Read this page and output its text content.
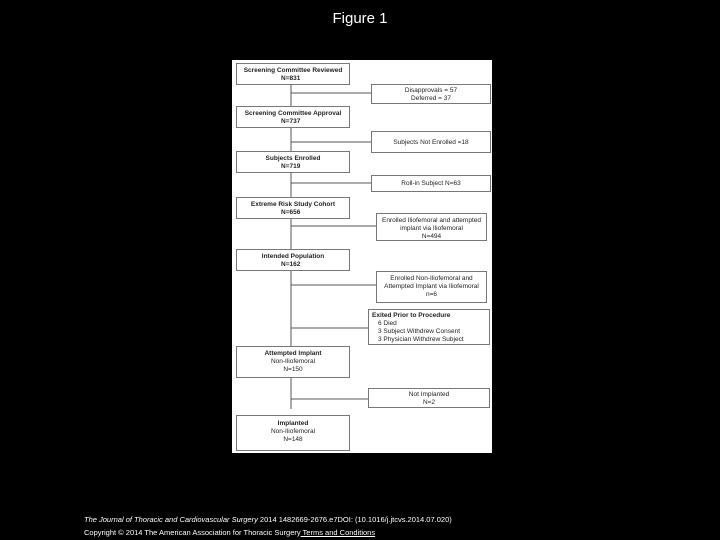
Figure 1
Screening Committee Reviewed
N=831
Screening Committee Approval
N=737
Subjects Enrolled
N=719
Extreme Risk Study Cohort
N=656
Intended Population
N=162
Attempted Implant
Non-Iliofemoral
N=150
Implanted
Non-Iliofemoral
N=148
Disapprovals = 57
Deferred = 37
Subjects Not Enrolled =18
Roll-in Subject N=63
Enrolled Iliofemoral and attempted
implant via Iliofemoral
N=494
Enrolled Non-Iliofemoral and
Attempted Implant via Iliofemoral
n=6
Exited Prior to Procedure
6 Died
3 Subject Withdrew Consent
3 Physician Withdrew Subject
Not Implanted
N=2
The Journal of Thoracic and Cardiovascular Surgery 2014 1482669-2676.e7DOI: (10.1016/j.jtcvs.2014.07.020)
Copyright © 2014 The American Association for Thoracic Surgery Terms and Conditions
